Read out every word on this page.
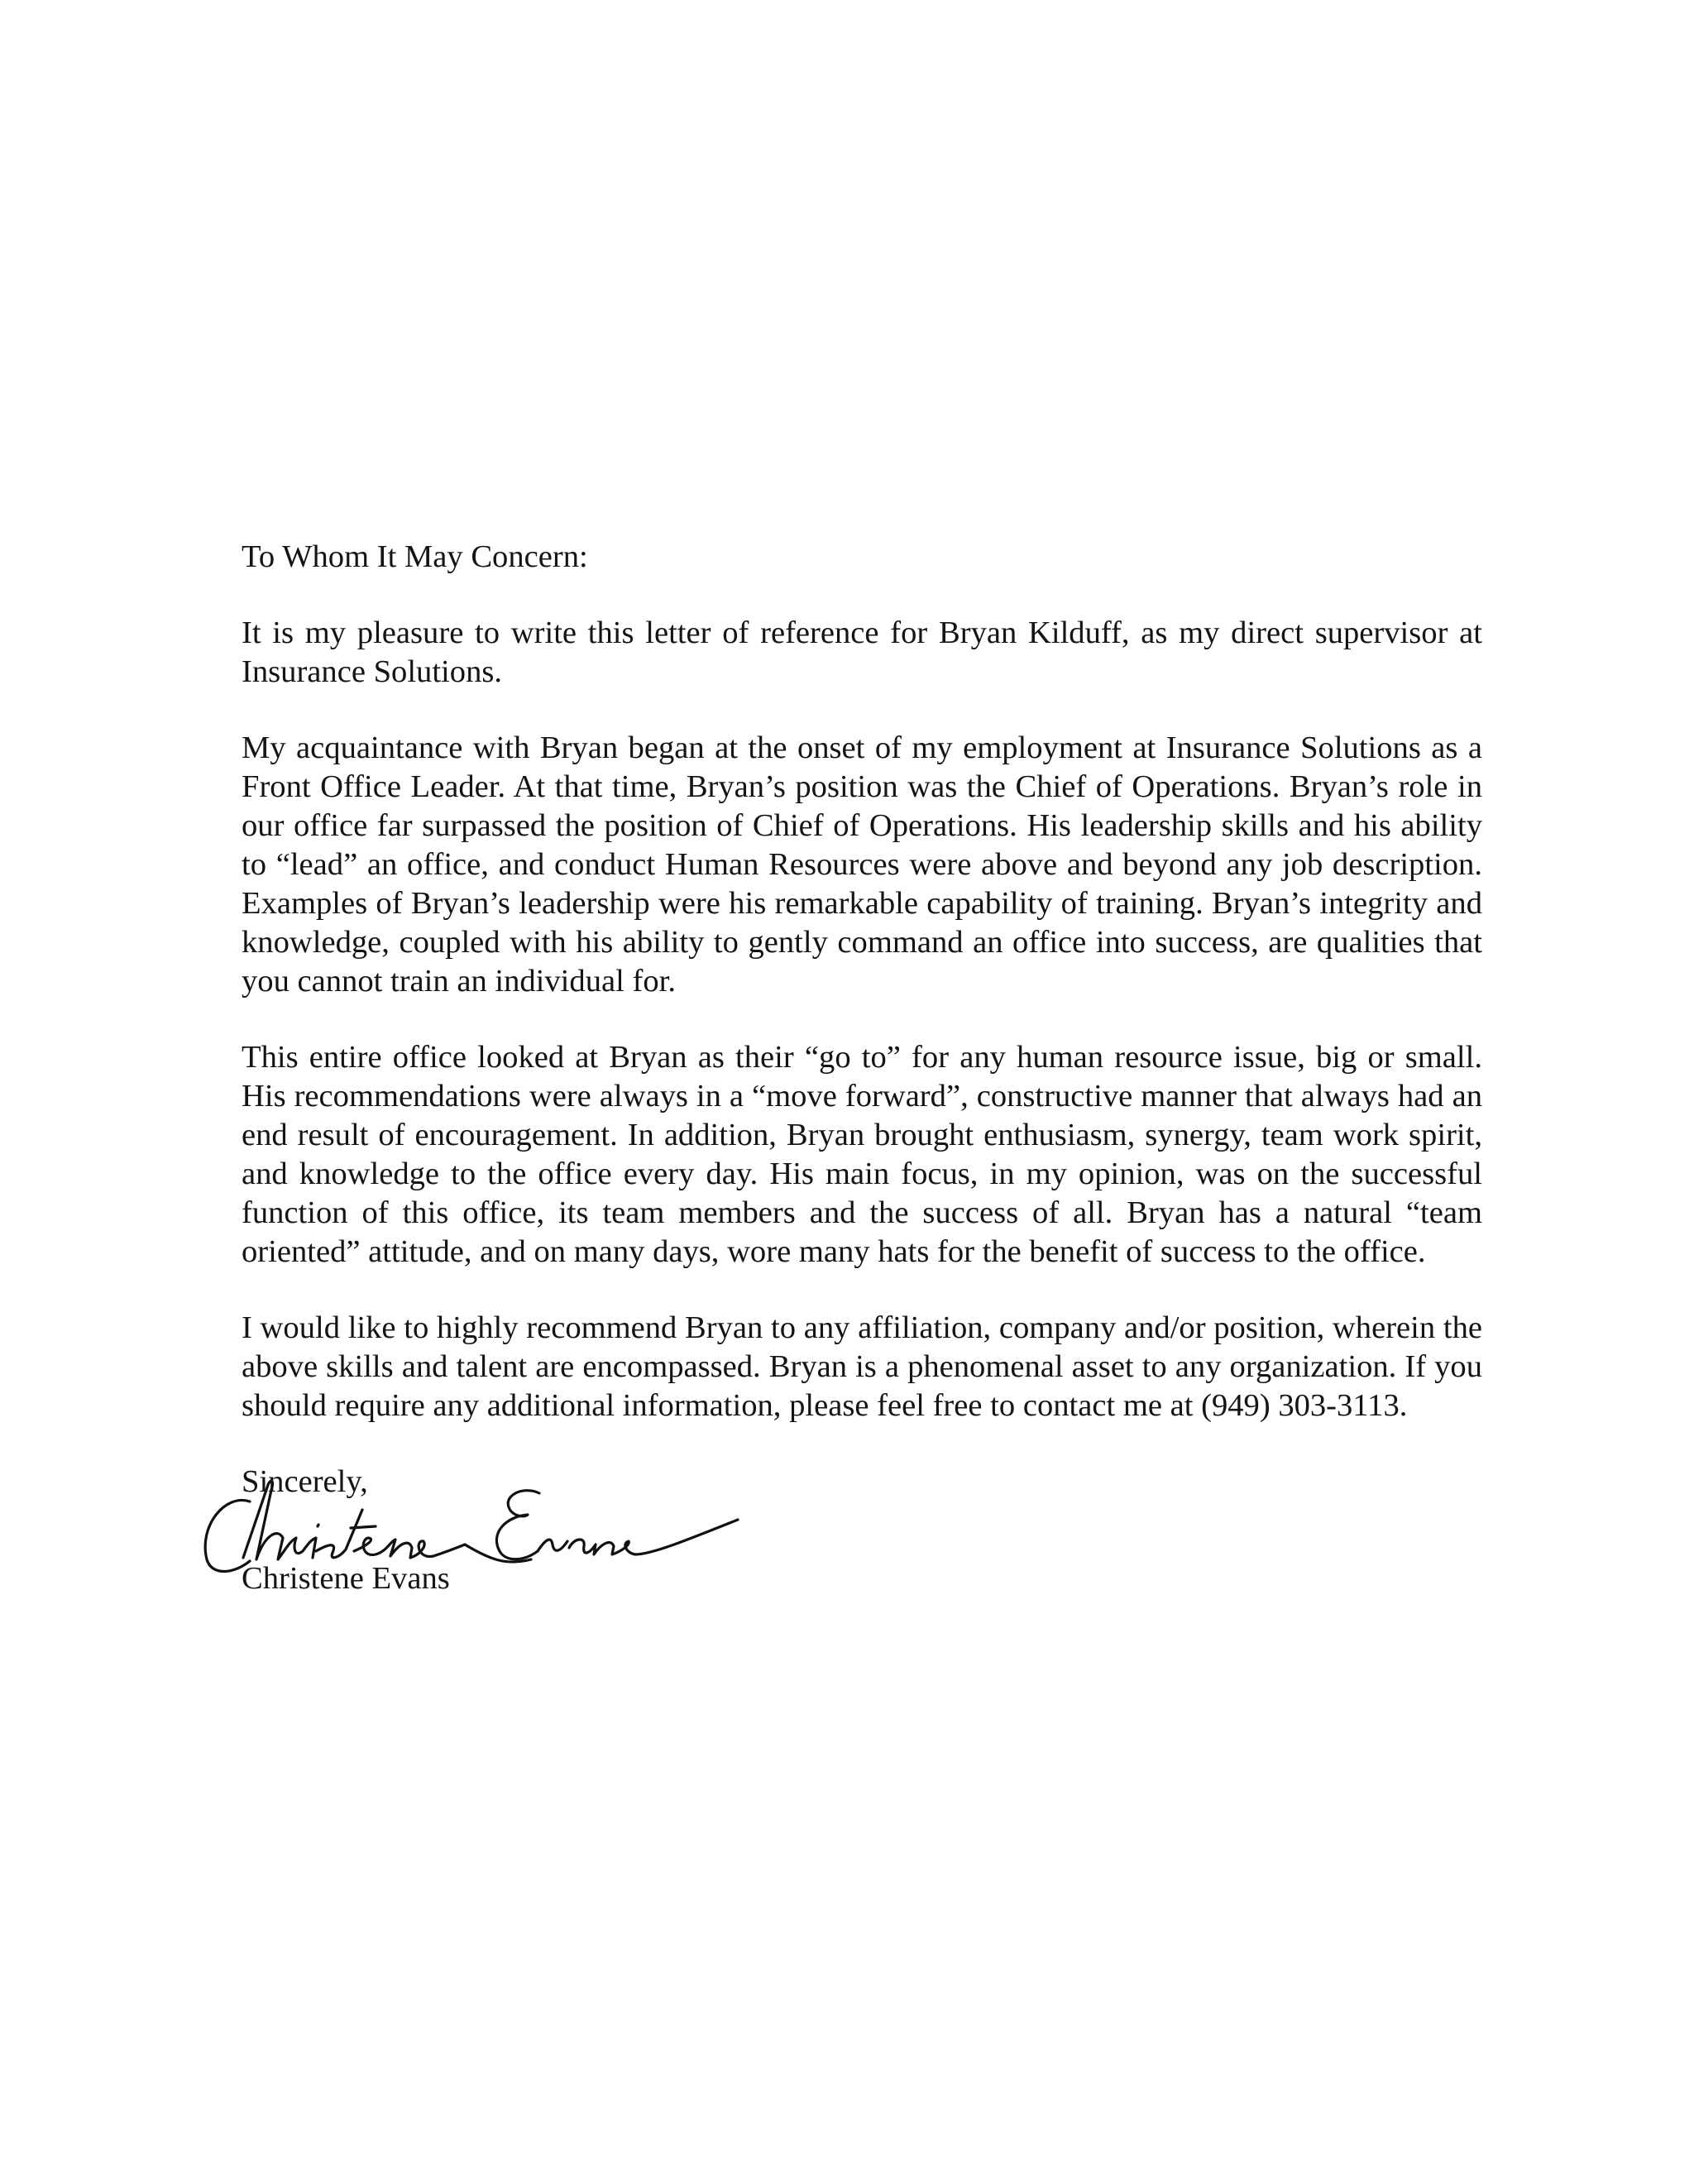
To Whom It May Concern:

It is my pleasure to write this letter of reference for Bryan Kilduff, as my direct supervisor at Insurance Solutions.

My acquaintance with Bryan began at the onset of my employment at Insurance Solutions as a Front Office Leader. At that time, Bryan’s position was the Chief of Operations. Bryan’s role in our office far surpassed the position of Chief of Operations. His leadership skills and his ability to “lead” an office, and conduct Human Resources were above and beyond any job description. Examples of Bryan’s leadership were his remarkable capability of training. Bryan’s integrity and knowledge, coupled with his ability to gently command an office into success, are qualities that you cannot train an individual for.

This entire office looked at Bryan as their “go to” for any human resource issue, big or small. His recommendations were always in a “move forward”, constructive manner that always had an end result of encouragement. In addition, Bryan brought enthusiasm, synergy, team work spirit, and knowledge to the office every day. His main focus, in my opinion, was on the successful function of this office, its team members and the success of all. Bryan has a natural “team oriented” attitude, and on many days, wore many hats for the benefit of success to the office.

I would like to highly recommend Bryan to any affiliation, company and/or position, wherein the above skills and talent are encompassed. Bryan is a phenomenal asset to any organization. If you should require any additional information, please feel free to contact me at (949) 303-3113.

Sincerely,

Christene Evans
